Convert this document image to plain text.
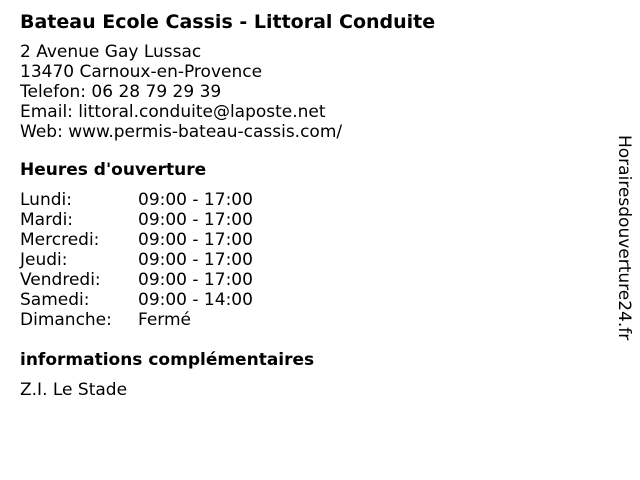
Bateau Ecole Cassis - Littoral Conduite
2 Avenue Gay Lussac
13470 Carnoux-en-Provence
Telefon: 06 28 79 29 39
Email: littoral.conduite@laposte.net
Web: www.permis-bateau-cassis.com/
Heures d'ouverture
Lundi:	09:00 - 17:00
Mardi:	09:00 - 17:00
Mercredi:	09:00 - 17:00
Jeudi:	09:00 - 17:00
Vendredi:	09:00 - 17:00
Samedi:	09:00 - 14:00
Dimanche:	Fermé
informations complémentaires
Z.I. Le Stade
Horairesdouverture24.fr
